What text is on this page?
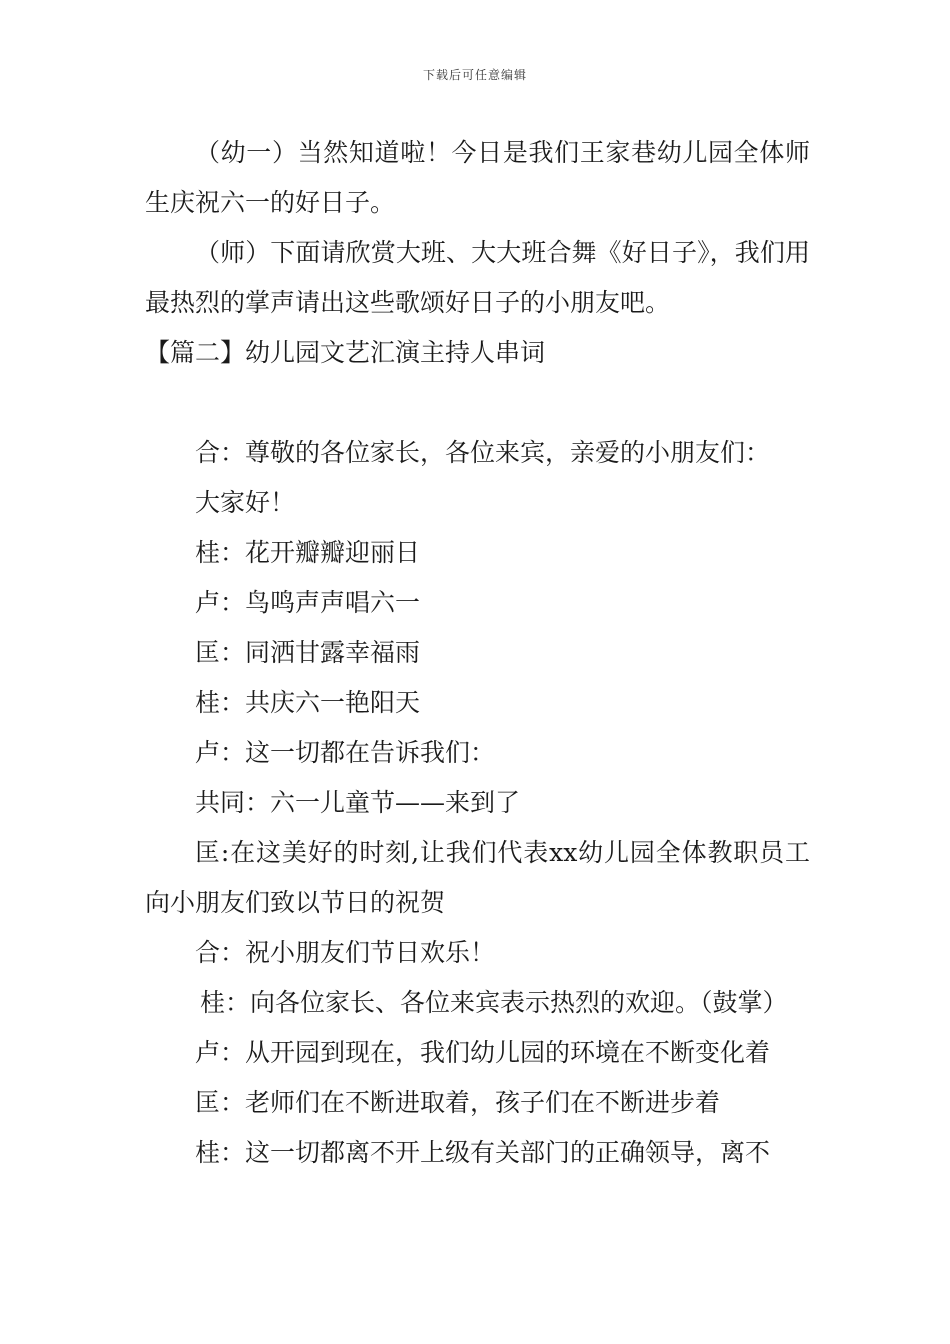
下载后可任意编辑

（幼一）当然知道啦！今日是我们王家巷幼儿园全体师生庆祝六一的好日子。

（师）下面请欣赏大班、大大班合舞《好日子》，我们用最热烈的掌声请出这些歌颂好日子的小朋友吧。

【篇二】幼儿园文艺汇演主持人串词

合：尊敬的各位家长，各位来宾，亲爱的小朋友们：

大家好！

桂：花开瓣瓣迎丽日

卢：鸟鸣声声唱六一

匡：同洒甘露幸福雨

桂：共庆六一艳阳天

卢：这一切都在告诉我们：

共同：六一儿童节——来到了

匡:在这美好的时刻,让我们代表xx幼儿园全体教职员工向小朋友们致以节日的祝贺

合：祝小朋友们节日欢乐！

桂：向各位家长、各位来宾表示热烈的欢迎。（鼓掌）

卢：从开园到现在，我们幼儿园的环境在不断变化着

匡：老师们在不断进取着，孩子们在不断进步着

桂：这一切都离不开上级有关部门的正确领导，离不
